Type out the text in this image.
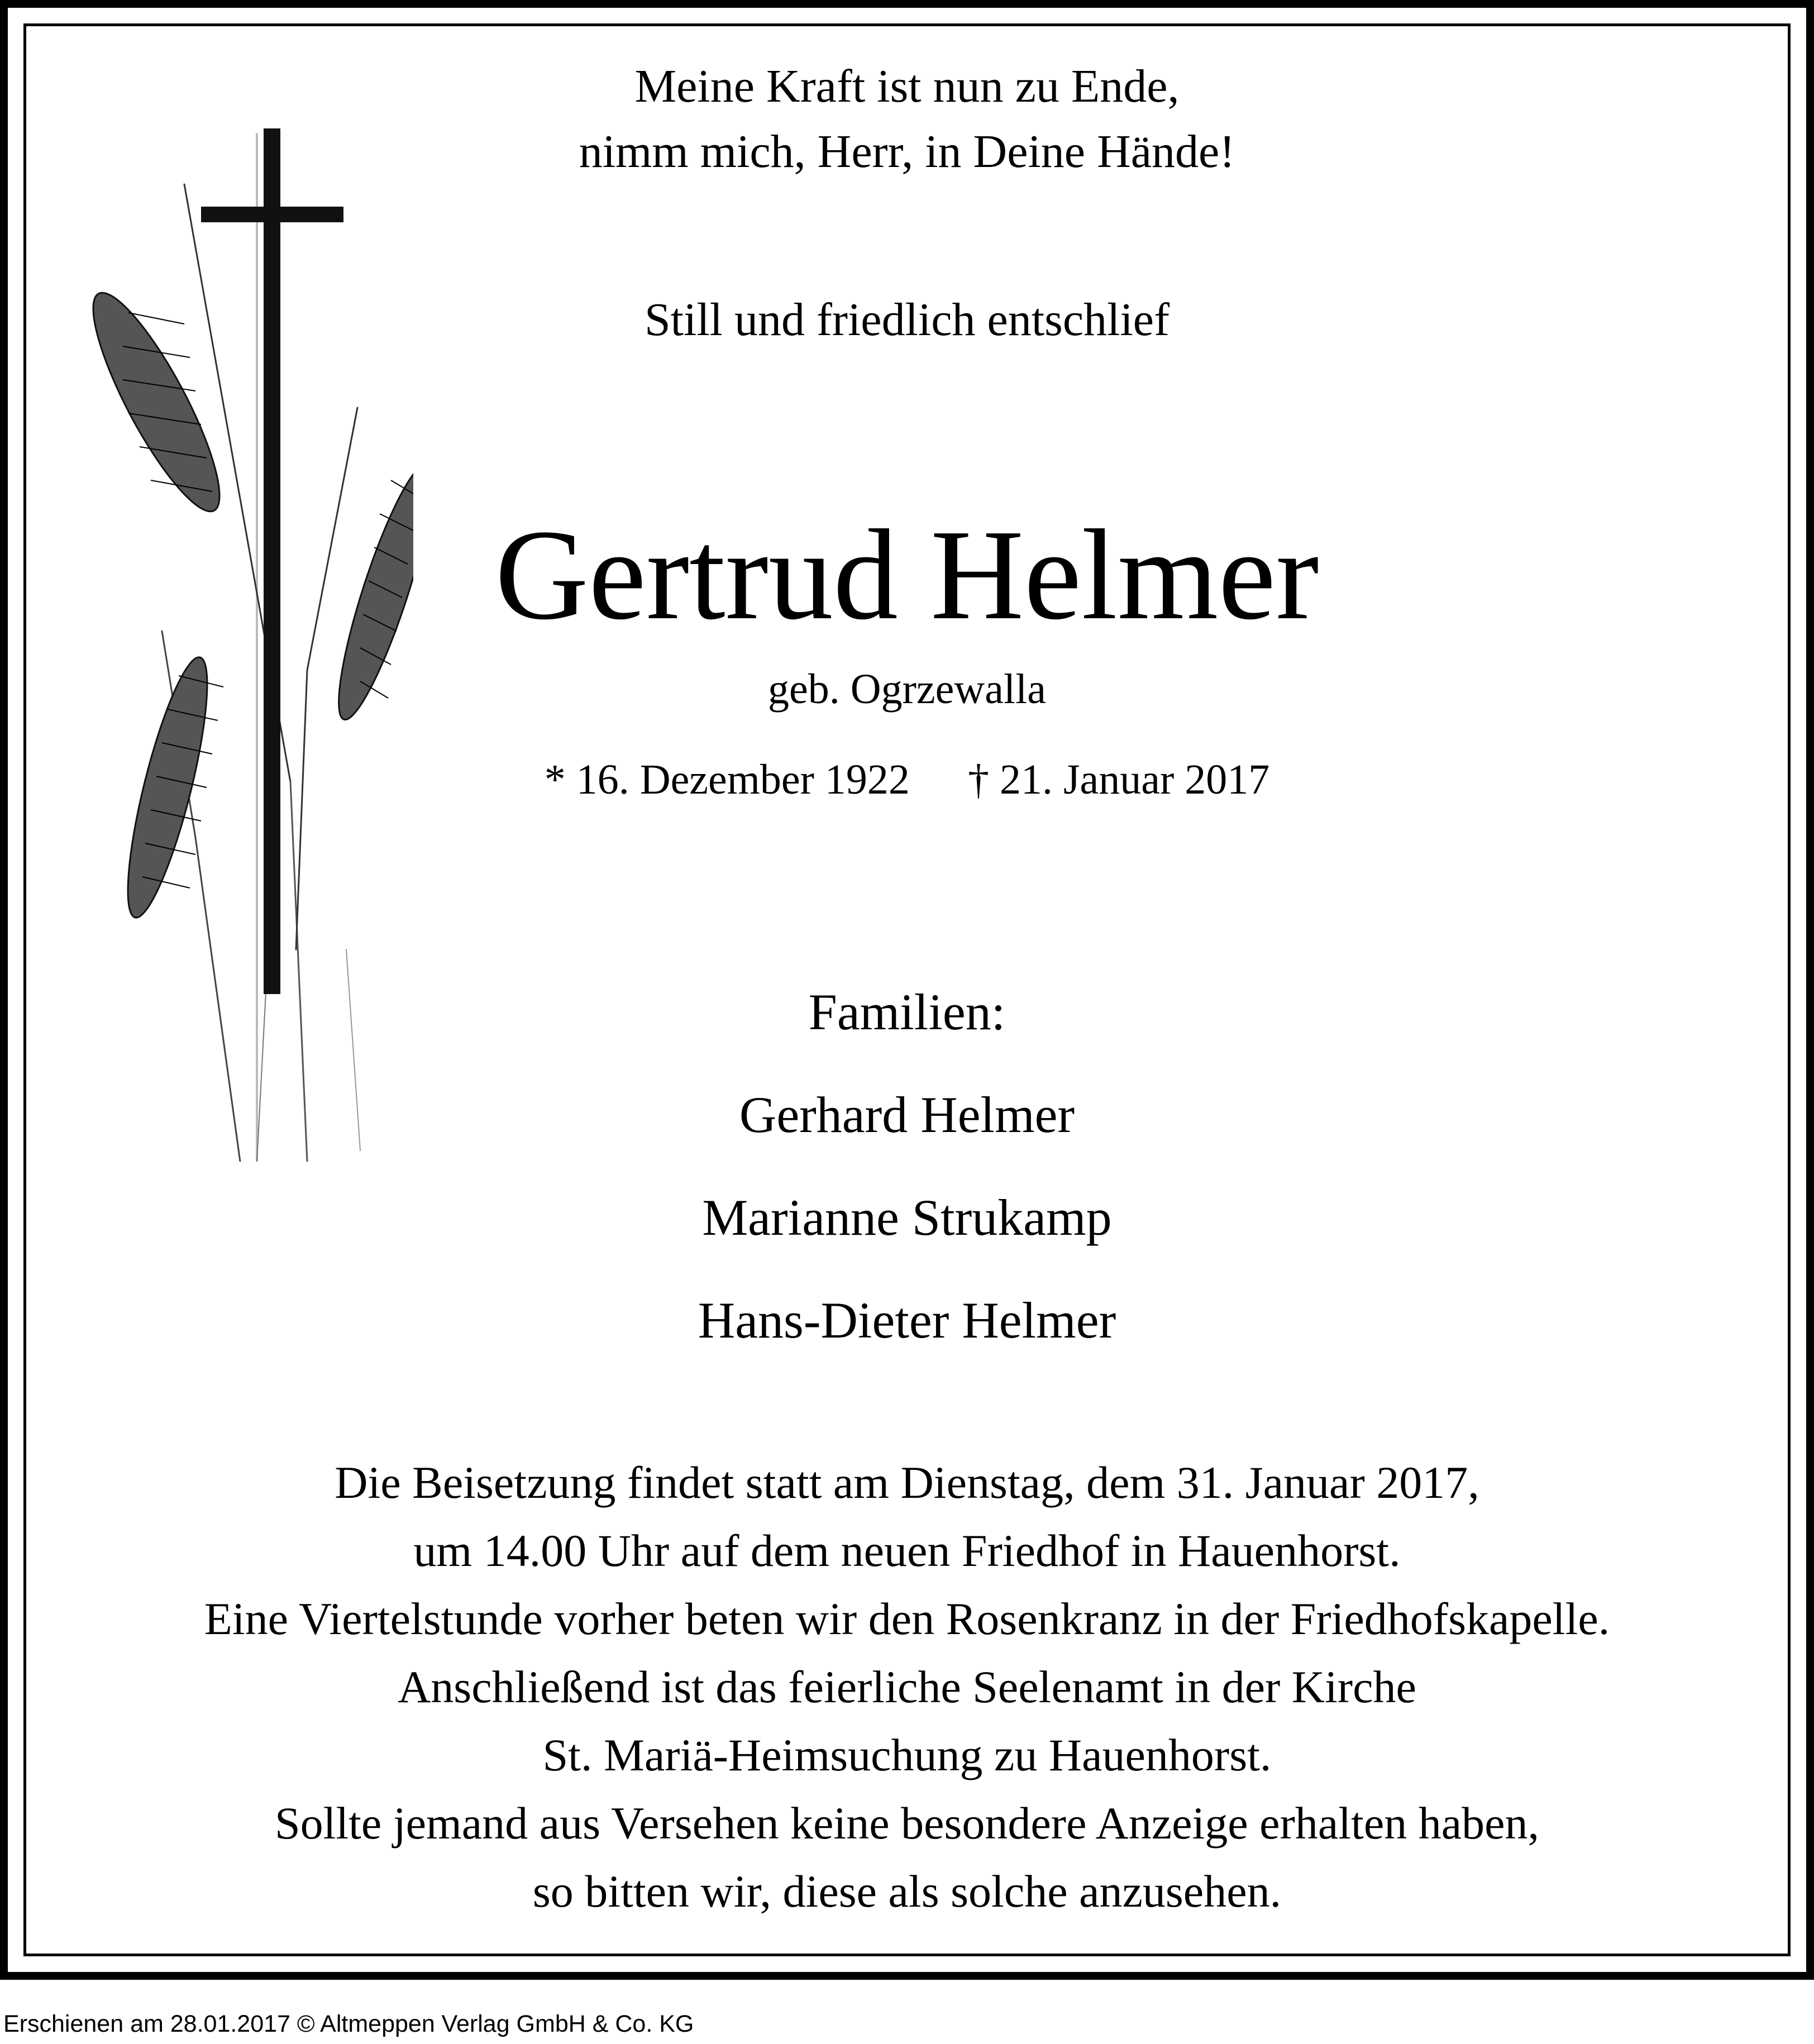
Meine Kraft ist nun zu Ende,
nimm mich, Herr, in Deine Hände!
Still und friedlich entschlief
Gertrud Helmer
geb. Ogrzewalla
* 16. Dezember 1922 † 21. Januar 2017
Familien:
Gerhard Helmer
Marianne Strukamp
Hans-Dieter Helmer
Die Beisetzung findet statt am Dienstag, dem 31. Januar 2017,
um 14.00 Uhr auf dem neuen Friedhof in Hauenhorst.
Eine Viertelstunde vorher beten wir den Rosenkranz in der Friedhofskapelle.
Anschließend ist das feierliche Seelenamt in der Kirche
St. Mariä-Heimsuchung zu Hauenhorst.
Sollte jemand aus Versehen keine besondere Anzeige erhalten haben,
so bitten wir, diese als solche anzusehen.
Erschienen am 28.01.2017 © Altmeppen Verlag GmbH & Co. KG
